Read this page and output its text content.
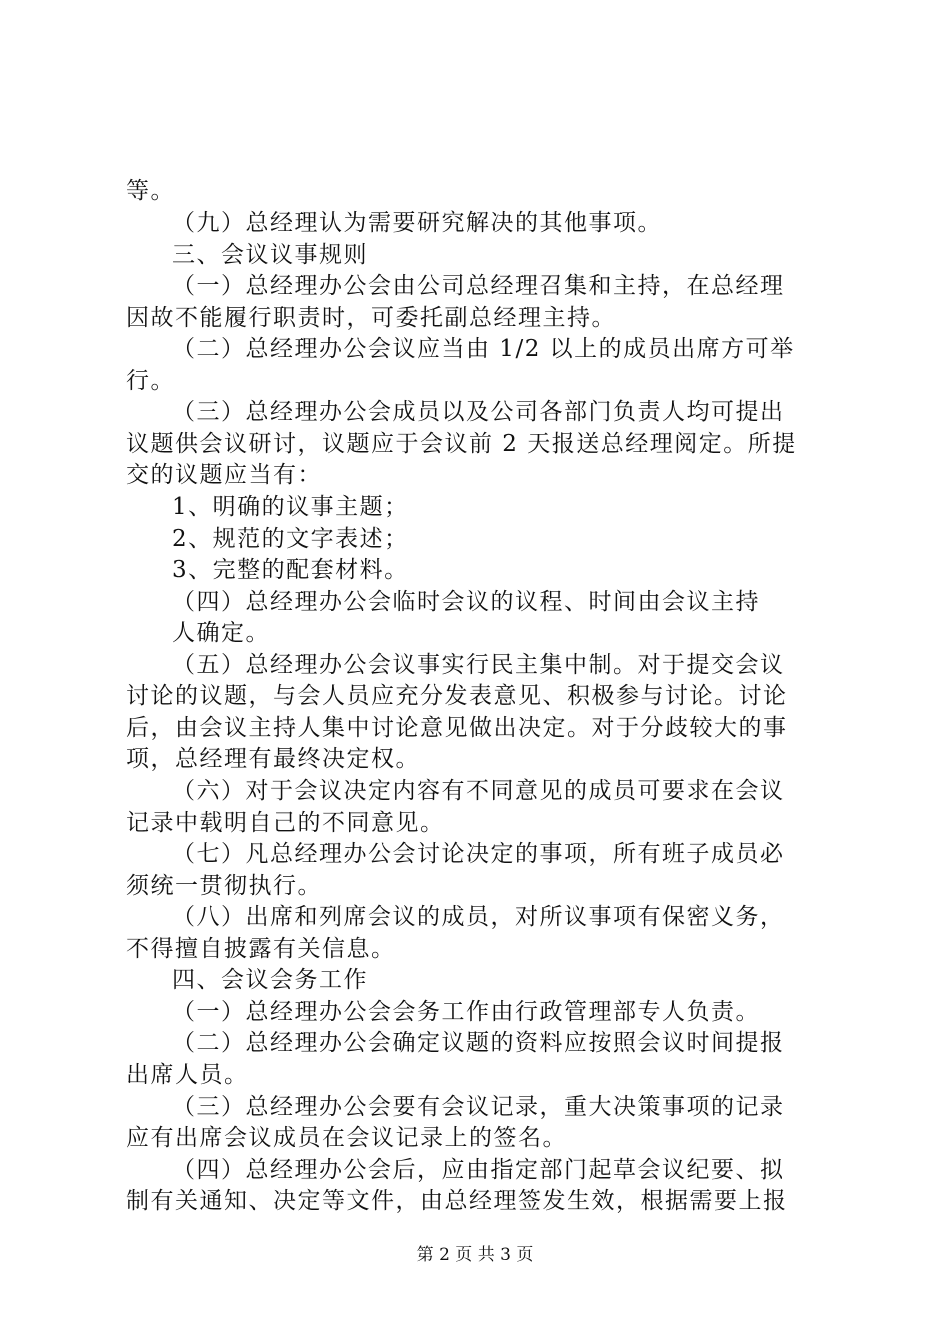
等。
（九）总经理认为需要研究解决的其他事项。
三、会议议事规则
（一）总经理办公会由公司总经理召集和主持，在总经理
因故不能履行职责时，可委托副总经理主持。
（二）总经理办公会议应当由 1/2 以上的成员出席方可举
行。
（三）总经理办公会成员以及公司各部门负责人均可提出
议题供会议研讨，议题应于会议前 2 天报送总经理阅定。所提
交的议题应当有：
1、明确的议事主题；
2、规范的文字表述；
3、完整的配套材料。
（四）总经理办公会临时会议的议程、时间由会议主持
人确定。
（五）总经理办公会议事实行民主集中制。对于提交会议
讨论的议题，与会人员应充分发表意见、积极参与讨论。讨论
后，由会议主持人集中讨论意见做出决定。对于分歧较大的事
项，总经理有最终决定权。
（六）对于会议决定内容有不同意见的成员可要求在会议
记录中载明自己的不同意见。
（七）凡总经理办公会讨论决定的事项，所有班子成员必
须统一贯彻执行。
（八）出席和列席会议的成员，对所议事项有保密义务，
不得擅自披露有关信息。
四、会议会务工作
（一）总经理办公会会务工作由行政管理部专人负责。
（二）总经理办公会确定议题的资料应按照会议时间提报
出席人员。
（三）总经理办公会要有会议记录，重大决策事项的记录
应有出席会议成员在会议记录上的签名。
（四）总经理办公会后，应由指定部门起草会议纪要、拟
制有关通知、决定等文件，由总经理签发生效，根据需要上报
第 2 页 共 3 页
